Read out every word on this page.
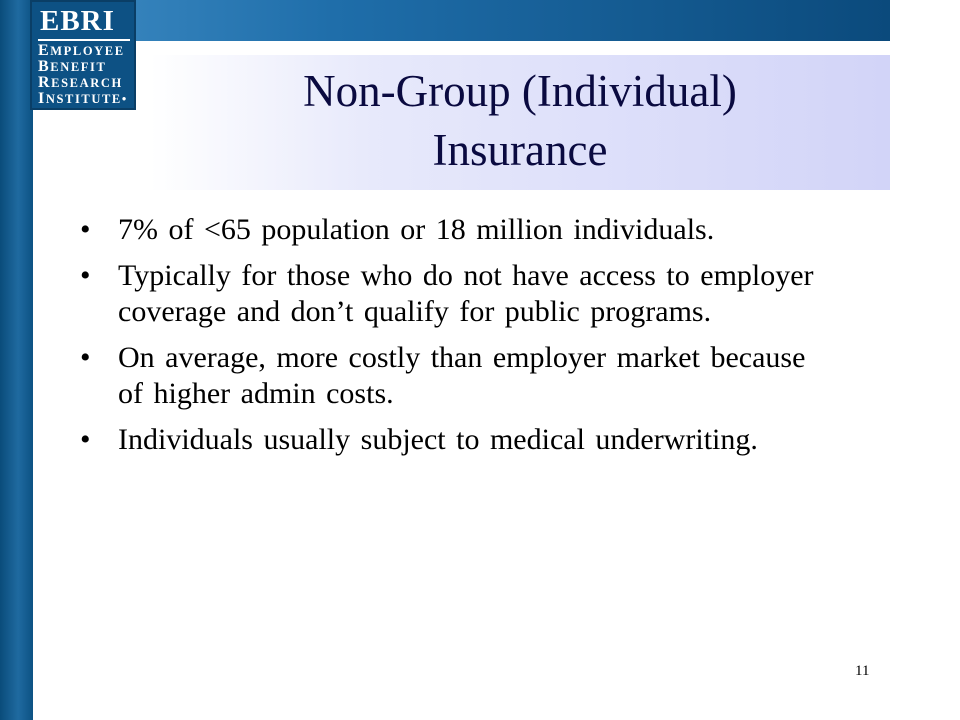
EBRI
EMPLOYEE
BENEFIT
RESEARCH
INSTITUTE•	Non-Group (Individual)
Insurance
• 7% of <65 population or 18 million individuals.
• Typically for those who do not have access to employer coverage and don’t qualify for public programs.
• On average, more costly than employer market because of higher admin costs.
• Individuals usually subject to medical underwriting.
11
